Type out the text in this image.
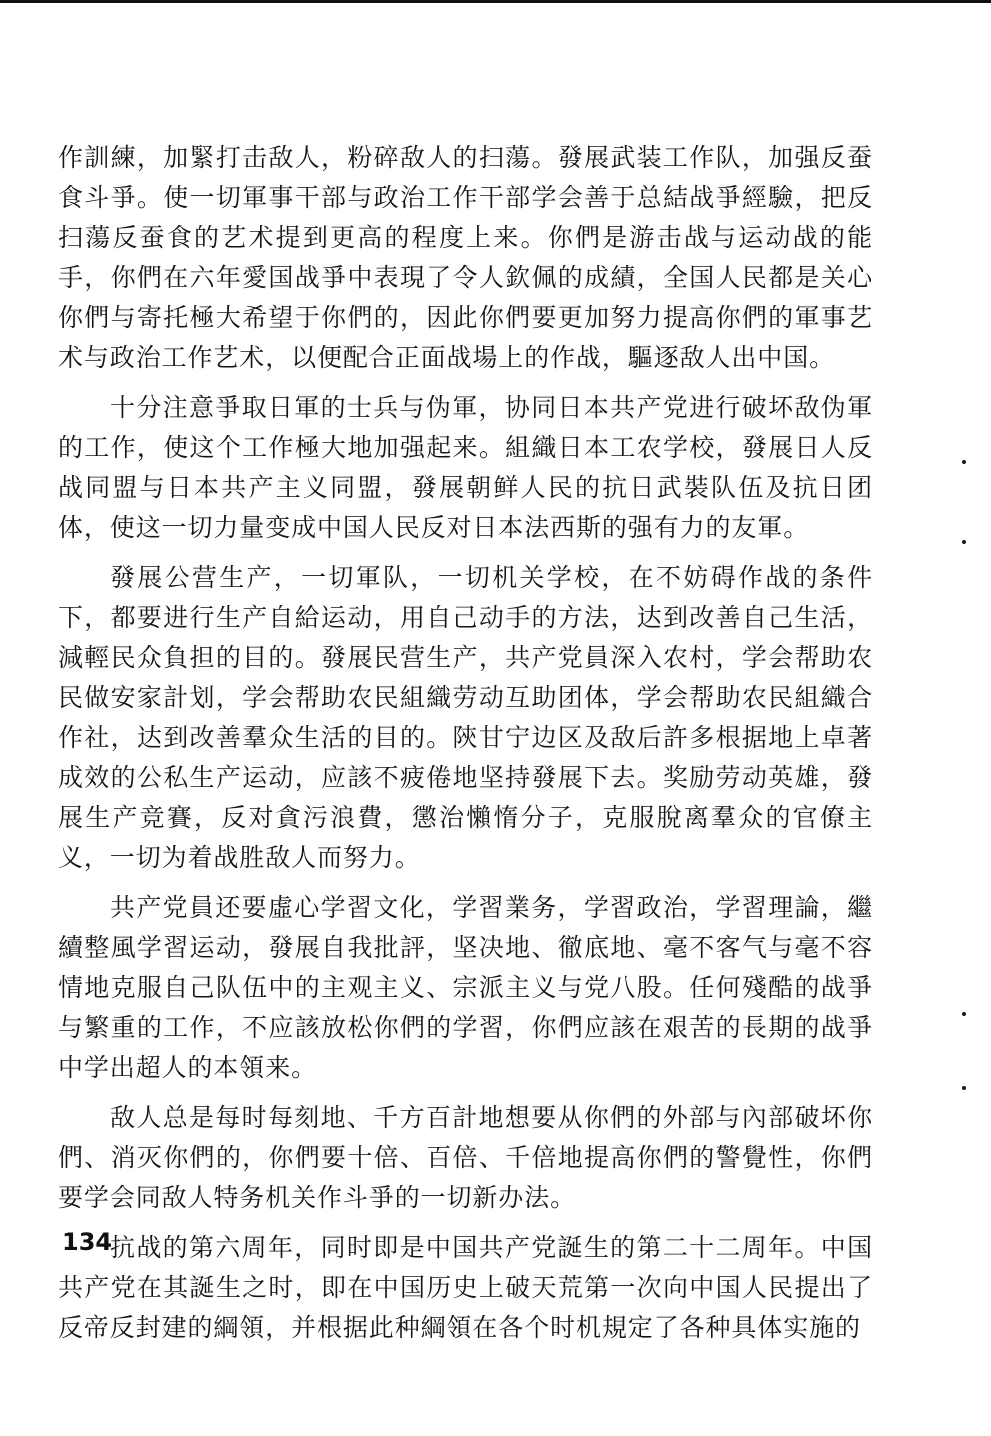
作訓練，加緊打击敌人，粉碎敌人的扫蕩。發展武装工作队，加强反蚕食斗爭。使一切軍事干部与政治工作干部学会善于总結战爭經驗，把反扫蕩反蚕食的艺术提到更高的程度上来。你們是游击战与运动战的能手，你們在六年愛国战爭中表現了令人欽佩的成績，全国人民都是关心你們与寄托極大希望于你們的，因此你們要更加努力提高你們的軍事艺术与政治工作艺术，以便配合正面战場上的作战，驅逐敌人出中国。

十分注意爭取日軍的士兵与伪軍，协同日本共产党进行破坏敌伪軍的工作，使这个工作極大地加强起来。組織日本工农学校，發展日人反战同盟与日本共产主义同盟，發展朝鲜人民的抗日武裝队伍及抗日团体，使这一切力量变成中国人民反对日本法西斯的强有力的友軍。

發展公营生产，一切軍队，一切机关学校，在不妨碍作战的条件下，都要进行生产自給运动，用自己动手的方法，达到改善自己生活，減輕民众負担的目的。發展民营生产，共产党員深入农村，学会帮助农民做安家計划，学会帮助农民組織劳动互助团体，学会帮助农民組織合作社，达到改善羣众生活的目的。陝甘宁边区及敌后許多根据地上卓著成效的公私生产运动，应該不疲倦地坚持發展下去。奖励劳动英雄，發展生产竞賽，反对貪污浪費，懲治懶惰分子，克服脫离羣众的官僚主义，一切为着战胜敌人而努力。

共产党員还要虛心学習文化，学習業务，学習政治，学習理論，繼續整風学習运动，發展自我批評，坚决地、徹底地、毫不客气与毫不容情地克服自己队伍中的主观主义、宗派主义与党八股。任何殘酷的战爭与繁重的工作，不应該放松你們的学習，你們应該在艰苦的長期的战爭中学出超人的本領来。

敌人总是每时每刻地、千方百計地想要从你們的外部与內部破坏你們、消灭你們的，你們要十倍、百倍、千倍地提高你們的警覺性，你們要学会同敌人特务机关作斗爭的一切新办法。

抗战的第六周年，同时即是中国共产党誕生的第二十二周年。中国共产党在其誕生之时，即在中国历史上破天荒第一次向中国人民提出了反帝反封建的綱領，并根据此种綱領在各个时机規定了各种具体实施的

134
